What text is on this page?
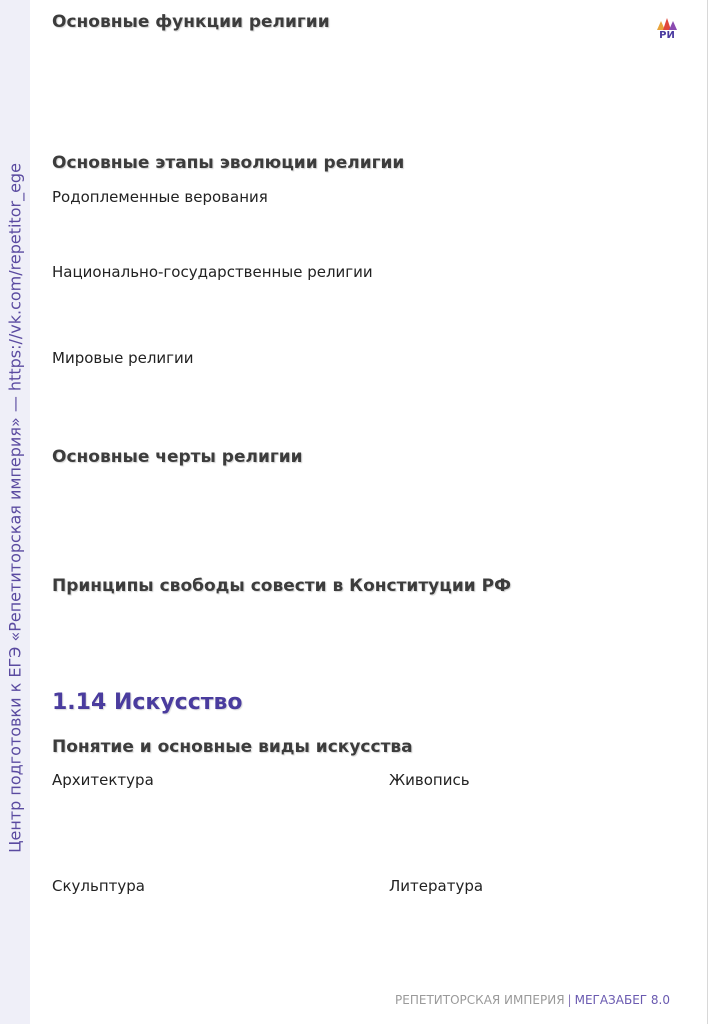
Центр подготовки к ЕГЭ «Репетиторская империя» — https://vk.com/repetitor_ege
РИ
Основные функции религии
Основные этапы эволюции религии

Родоплеменные верования

Национально-государственные религии

Мировые религии

Основные черты религии
Принципы свободы совести в Конституции РФ
1.14 Искусство
Понятие и основные виды искусства

Архитектура	Живопись

Скульптура	Литература

РЕПЕТИТОРСКАЯ ИМПЕРИЯ | МЕГАЗАБЕГ 8.0
